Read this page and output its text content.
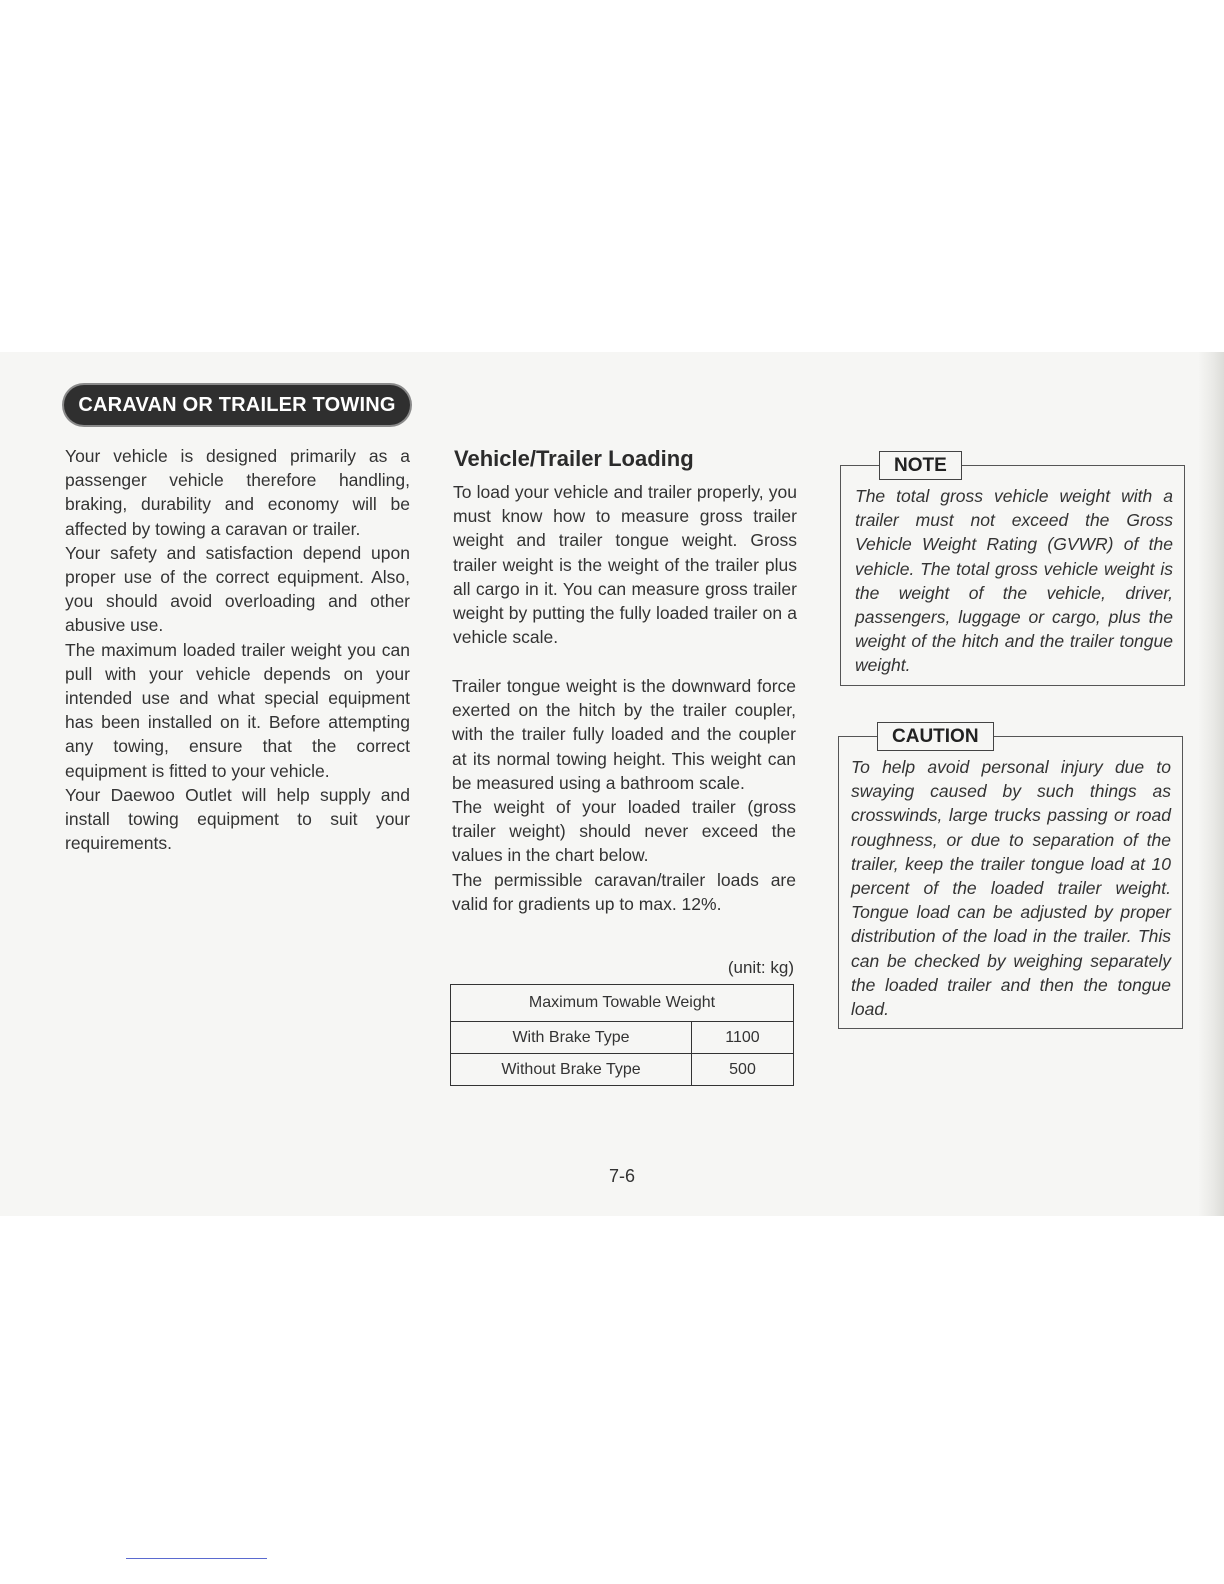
CARAVAN OR TRAILER TOWING

Your vehicle is designed primarily as a passenger vehicle therefore handling, braking, durability and economy will be affected by towing a caravan or trailer.

Your safety and satisfaction depend upon proper use of the correct equipment. Also, you should avoid overloading and other abusive use.

The maximum loaded trailer weight you can pull with your vehicle depends on your intended use and what special equipment has been installed on it. Before attempting any towing, ensure that the correct equipment is fitted to your vehicle.

Your Daewoo Outlet will help supply and install towing equipment to suit your requirements.

Vehicle/Trailer Loading

To load your vehicle and trailer properly, you must know how to measure gross trailer weight and trailer tongue weight. Gross trailer weight is the weight of the trailer plus all cargo in it. You can measure gross trailer weight by putting the fully loaded trailer on a vehicle scale.

Trailer tongue weight is the downward force exerted on the hitch by the trailer coupler, with the trailer fully loaded and the coupler at its normal towing height. This weight can be measured using a bathroom scale.

The weight of your loaded trailer (gross trailer weight) should never exceed the values in the chart below.

The permissible caravan/trailer loads are valid for gradients up to max. 12%.

(unit: kg)
Maximum Towable Weight	
With Brake Type	1100
Without Brake Type	500
NOTE

The total gross vehicle weight with a trailer must not exceed the Gross Vehicle Weight Rating (GVWR) of the vehicle. The total gross vehicle weight is the weight of the vehicle, driver, passengers, luggage or cargo, plus the weight of the hitch and the trailer tongue weight.

CAUTION

To help avoid personal injury due to swaying caused by such things as crosswinds, large trucks passing or road roughness, or due to separation of the trailer, keep the trailer tongue load at 10 percent of the loaded trailer weight. Tongue load can be adjusted by proper distribution of the load in the trailer. This can be checked by weighing separately the loaded trailer and then the tongue load.

7-6
